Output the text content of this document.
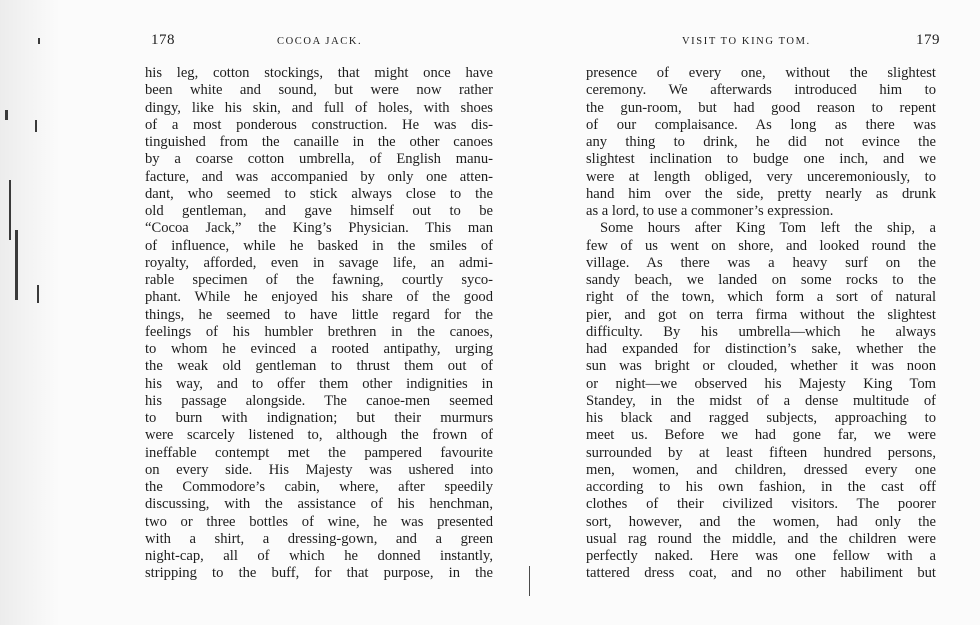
178	COCOA JACK.
his leg, cotton stockings, that might once have
been white and sound, but were now rather
dingy, like his skin, and full of holes, with shoes
of a most ponderous construction. He was dis-
tinguished from the canaille in the other canoes
by a coarse cotton umbrella, of English manu-
facture, and was accompanied by only one atten-
dant, who seemed to stick always close to the
old gentleman, and gave himself out to be
“Cocoa Jack,” the King’s Physician. This man
of influence, while he basked in the smiles of
royalty, afforded, even in savage life, an admi-
rable specimen of the fawning, courtly syco-
phant. While he enjoyed his share of the good
things, he seemed to have little regard for the
feelings of his humbler brethren in the canoes,
to whom he evinced a rooted antipathy, urging
the weak old gentleman to thrust them out of
his way, and to offer them other indignities in
his passage alongside. The canoe-men seemed
to burn with indignation; but their murmurs
were scarcely listened to, although the frown of
ineffable contempt met the pampered favourite
on every side. His Majesty was ushered into
the Commodore’s cabin, where, after speedily
discussing, with the assistance of his henchman,
two or three bottles of wine, he was presented
with a shirt, a dressing-gown, and a green
night-cap, all of which he donned instantly,
stripping to the buff, for that purpose, in the
VISIT TO KING TOM.	179
presence of every one, without the slightest
ceremony. We afterwards introduced him to
the gun-room, but had good reason to repent
of our complaisance. As long as there was
any thing to drink, he did not evince the
slightest inclination to budge one inch, and we
were at length obliged, very unceremoniously, to
hand him over the side, pretty nearly as drunk
as a lord, to use a commoner’s expression.
Some hours after King Tom left the ship, a
few of us went on shore, and looked round the
village. As there was a heavy surf on the
sandy beach, we landed on some rocks to the
right of the town, which form a sort of natural
pier, and got on terra firma without the slightest
difficulty. By his umbrella—which he always
had expanded for distinction’s sake, whether the
sun was bright or clouded, whether it was noon
or night—we observed his Majesty King Tom
Standey, in the midst of a dense multitude of
his black and ragged subjects, approaching to
meet us. Before we had gone far, we were
surrounded by at least fifteen hundred persons,
men, women, and children, dressed every one
according to his own fashion, in the cast off
clothes of their civilized visitors. The poorer
sort, however, and the women, had only the
usual rag round the middle, and the children were
perfectly naked. Here was one fellow with a
tattered dress coat, and no other habiliment but
